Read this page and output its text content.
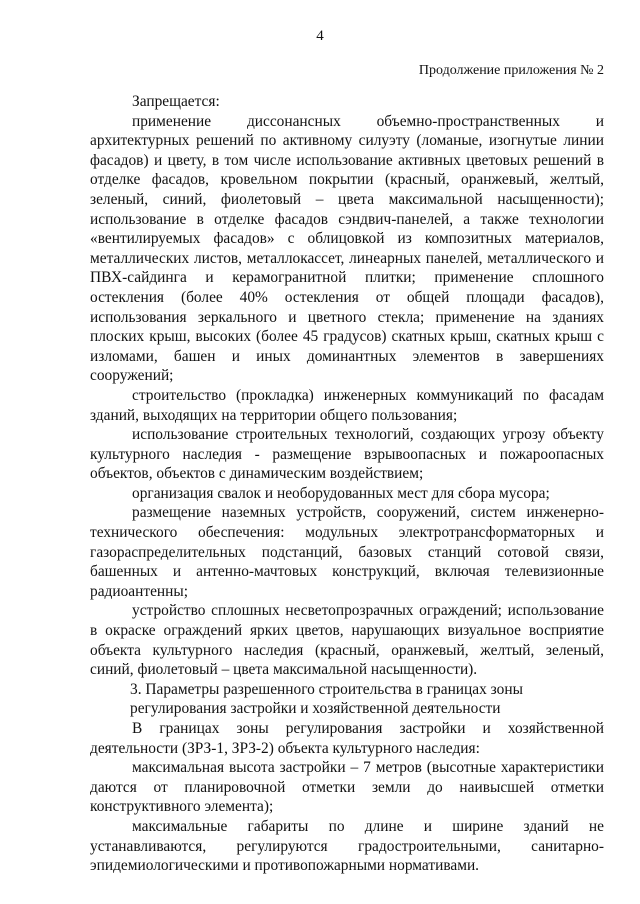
4
Продолжение приложения № 2

Запрещается:

применение диссонансных объемно-пространственных и архитектурных решений по активному силуэту (ломаные, изогнутые линии фасадов) и цвету, в том числе использование активных цветовых решений в отделке фасадов, кровельном покрытии (красный, оранжевый, желтый, зеленый, синий, фиолетовый – цвета максимальной насыщенности); использование в отделке фасадов сэндвич-панелей, а также технологии «вентилируемых фасадов» с облицовкой из композитных материалов, металлических листов, металлокассет, линеарных панелей, металлического и ПВХ-сайдинга и керамогранитной плитки; применение сплошного остекления (более 40% остекления от общей площади фасадов), использования зеркального и цветного стекла; применение на зданиях плоских крыш, высоких (более 45 градусов) скатных крыш, скатных крыш с изломами, башен и иных доминантных элементов в завершениях сооружений;

строительство (прокладка) инженерных коммуникаций по фасадам зданий, выходящих на территории общего пользования;

использование строительных технологий, создающих угрозу объекту культурного наследия - размещение взрывоопасных и пожароопасных объектов, объектов с динамическим воздействием;

организация свалок и необорудованных мест для сбора мусора;

размещение наземных устройств, сооружений, систем инженерно-технического обеспечения: модульных электротрансформаторных и газораспределительных подстанций, базовых станций сотовой связи, башенных и антенно-мачтовых конструкций, включая телевизионные радиоантенны;

устройство сплошных несветопрозрачных ограждений; использование в окраске ограждений ярких цветов, нарушающих визуальное восприятие объекта культурного наследия (красный, оранжевый, желтый, зеленый, синий, фиолетовый – цвета максимальной насыщенности).

3. Параметры разрешенного строительства в границах зоны
регулирования застройки и хозяйственной деятельности

В границах зоны регулирования застройки и хозяйственной деятельности (ЗРЗ-1, ЗРЗ-2) объекта культурного наследия:

максимальная высота застройки – 7 метров (высотные характеристики даются от планировочной отметки земли до наивысшей отметки конструктивного элемента);

максимальные габариты по длине и ширине зданий не устанавливаются, регулируются градостроительными, санитарно-эпидемиологическими и противопожарными нормативами.
